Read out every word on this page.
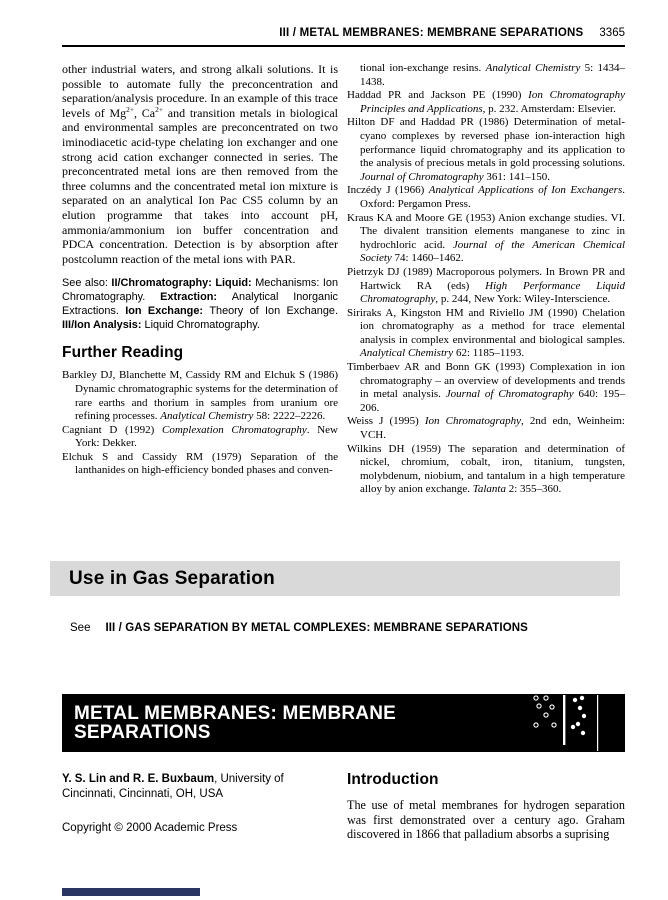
III / METAL MEMBRANES: MEMBRANE SEPARATIONS 3365

other industrial waters, and strong alkali solutions. It is possible to automate fully the preconcentration and separation/analysis procedure. In an example of this trace levels of $Mg^{2+}$, $Ca^{2+}$ and transition metals in biological and environmental samples are preconcentrated on two iminodiacetic acid-type chelating ion exchanger and one strong acid cation exchanger connected in series. The preconcentrated metal ions are then removed from the three columns and the concentrated metal ion mixture is separated on an analytical Ion Pac CS5 column by an elution programme that takes into account pH, ammonia/ammonium ion buffer concentration and PDCA concentration. Detection is by absorption after postcolumn reaction of the metal ions with PAR.

See also: II/Chromatography: Liquid: Mechanisms: Ion Chromatography. Extraction: Analytical Inorganic Extractions. Ion Exchange: Theory of Ion Exchange. III/Ion Analysis: Liquid Chromatography.

Further Reading

Barkley DJ, Blanchette M, Cassidy RM and Elchuk S (1986) Dynamic chromatographic systems for the determination of rare earths and thorium in samples from uranium ore refining processes. Analytical Chemistry 58: 2222–2226.

Cagniant D (1992) Complexation Chromatography. New York: Dekker.

Elchuk S and Cassidy RM (1979) Separation of the lanthanides on high-efficiency bonded phases and conven-

tional ion-exchange resins. Analytical Chemistry 5: 1434–1438.

Haddad PR and Jackson PE (1990) Ion Chromatography Principles and Applications, p. 232. Amsterdam: Elsevier.

Hilton DF and Haddad PR (1986) Determination of metal-cyano complexes by reversed phase ion-interaction high performance liquid chromatography and its application to the analysis of precious metals in gold processing solutions. Journal of Chromatography 361: 141–150.

Inczédy J (1966) Analytical Applications of Ion Exchangers. Oxford: Pergamon Press.

Kraus KA and Moore GE (1953) Anion exchange studies. VI. The divalent transition elements manganese to zinc in hydrochloric acid. Journal of the American Chemical Society 74: 1460–1462.

Pietrzyk DJ (1989) Macroporous polymers. In Brown PR and Hartwick RA (eds) High Performance Liquid Chromatography, p. 244, New York: Wiley-Interscience.

Siriraks A, Kingston HM and Riviello JM (1990) Chelation ion chromatography as a method for trace elemental analysis in complex environmental and biological samples. Analytical Chemistry 62: 1185–1193.

Timberbaev AR and Bonn GK (1993) Complexation in ion chromatography – an overview of developments and trends in metal analysis. Journal of Chromatography 640: 195–206.

Weiss J (1995) Ion Chromatography, 2nd edn, Weinheim: VCH.

Wilkins DH (1959) The separation and determination of nickel, chromium, cobalt, iron, titanium, tungsten, molybdenum, niobium, and tantalum in a high temperature alloy by anion exchange. Talanta 2: 355–360.

Use in Gas Separation

See III / GAS SEPARATION BY METAL COMPLEXES: MEMBRANE SEPARATIONS

METAL MEMBRANES: MEMBRANE SEPARATIONS

Y. S. Lin and R. E. Buxbaum, University of Cincinnati, Cincinnati, OH, USA

Copyright © 2000 Academic Press

Introduction

The use of metal membranes for hydrogen separation was first demonstrated over a century ago. Graham discovered in 1866 that palladium absorbs a suprising
